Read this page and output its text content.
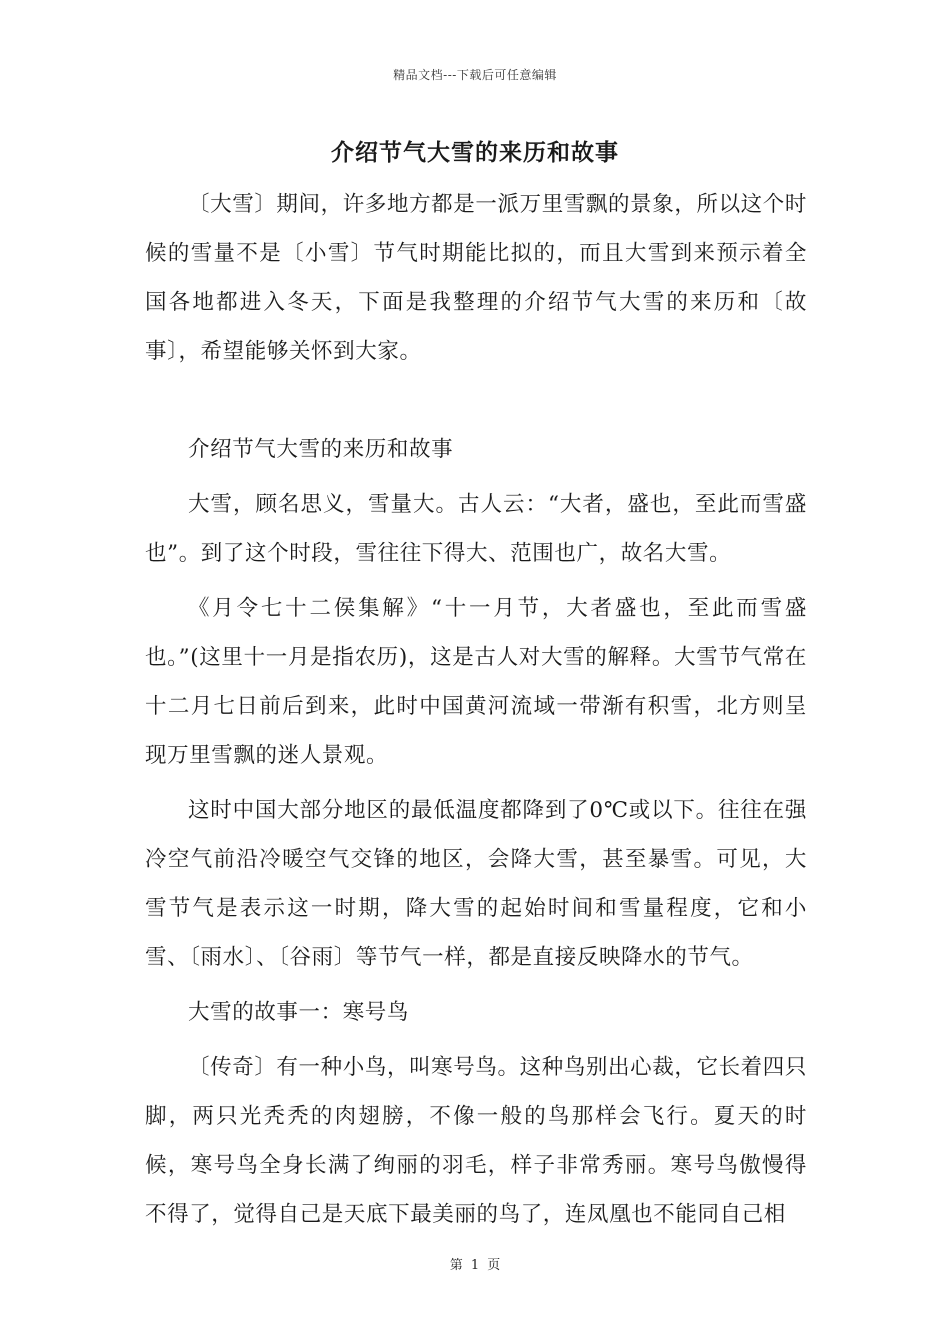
精品文档---下载后可任意编辑
介绍节气大雪的来历和故事

〔大雪〕期间，许多地方都是一派万里雪飘的景象，所以这个时候的雪量不是〔小雪〕节气时期能比拟的，而且大雪到来预示着全国各地都进入冬天，下面是我整理的介绍节气大雪的来历和〔故事〕，希望能够关怀到大家。

介绍节气大雪的来历和故事

大雪，顾名思义，雪量大。古人云：“大者，盛也，至此而雪盛也”。到了这个时段，雪往往下得大、范围也广，故名大雪。

《月令七十二侯集解》“十一月节，大者盛也，至此而雪盛也。”(这里十一月是指农历)，这是古人对大雪的解释。大雪节气常在十二月七日前后到来，此时中国黄河流域一带渐有积雪，北方则呈现万里雪飘的迷人景观。

这时中国大部分地区的最低温度都降到了0℃或以下。往往在强冷空气前沿冷暖空气交锋的地区，会降大雪，甚至暴雪。可见，大雪节气是表示这一时期，降大雪的起始时间和雪量程度，它和小雪、〔雨水〕、〔谷雨〕等节气一样，都是直接反映降水的节气。

大雪的故事一：寒号鸟

〔传奇〕有一种小鸟，叫寒号鸟。这种鸟别出心裁，它长着四只脚，两只光秃秃的肉翅膀，不像一般的鸟那样会飞行。夏天的时候，寒号鸟全身长满了绚丽的羽毛，样子非常秀丽。寒号鸟傲慢得不得了，觉得自己是天底下最美丽的鸟了，连凤凰也不能同自己相

第 1 页
